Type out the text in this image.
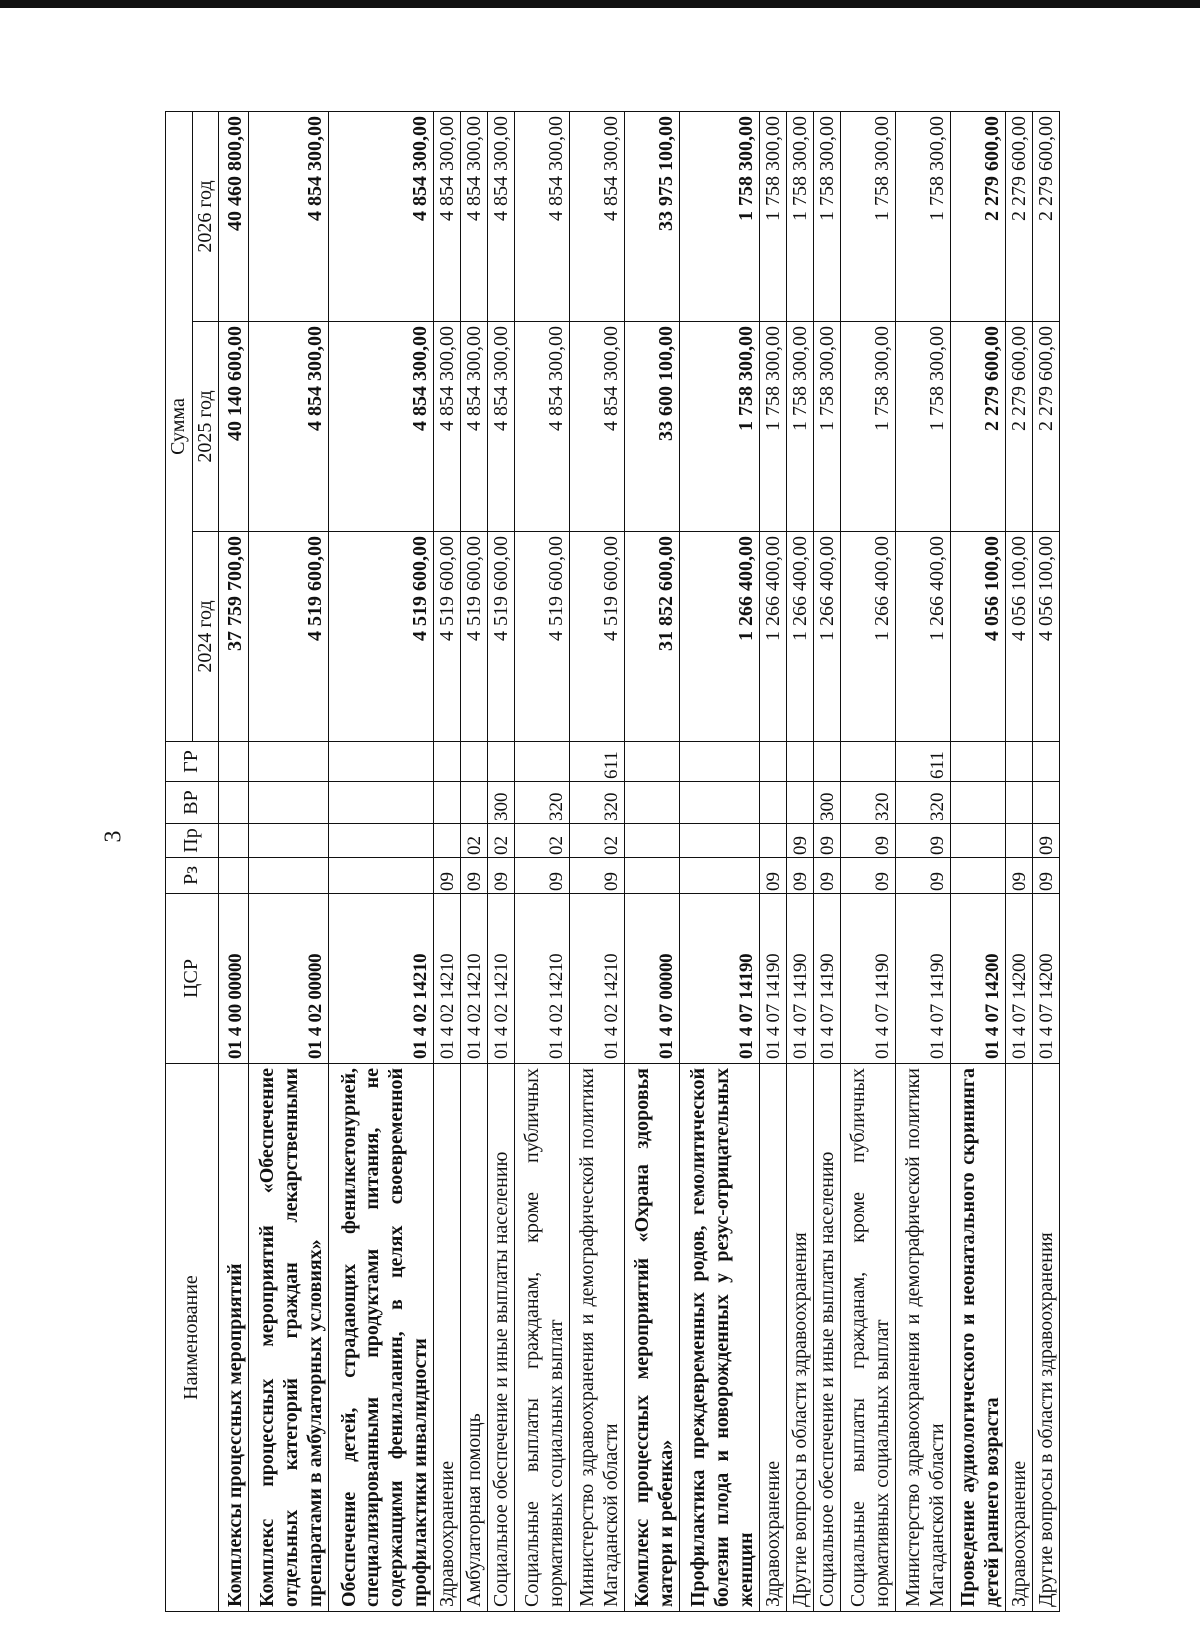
3
Наименование	ЦСР	Рз	Пр	ВР	ГР	Сумма		
						2024 год	2025 год	2026 год
Комплексы процессных мероприятий	01 4 00 00000					37 759 700,00	40 140 600,00	40 460 800,00
Комплекс процессных мероприятий «Обеспечение отдельных категорий граждан лекарственными препаратами в амбулаторных условиях»	01 4 02 00000					4 519 600,00	4 854 300,00	4 854 300,00
Обеспечение детей, страдающих фенилкетонурией, специализированными продуктами питания, не содержащими фенилаланин, в целях своевременной профилактики инвалидности	01 4 02 14210					4 519 600,00	4 854 300,00	4 854 300,00
Здравоохранение	01 4 02 14210	09				4 519 600,00	4 854 300,00	4 854 300,00
Амбулаторная помощь	01 4 02 14210	09	02			4 519 600,00	4 854 300,00	4 854 300,00
Социальное обеспечение и иные выплаты населению	01 4 02 14210	09	02	300		4 519 600,00	4 854 300,00	4 854 300,00
Социальные выплаты гражданам, кроме публичных нормативных социальных выплат	01 4 02 14210	09	02	320		4 519 600,00	4 854 300,00	4 854 300,00
Министерство здравоохранения и демографической политики Магаданской области	01 4 02 14210	09	02	320	611	4 519 600,00	4 854 300,00	4 854 300,00
Комплекс процессных мероприятий «Охрана здоровья матери и ребенка»	01 4 07 00000					31 852 600,00	33 600 100,00	33 975 100,00
Профилактика преждевременных родов, гемолитической болезни плода и новорожденных у резус-отрицательных женщин	01 4 07 14190					1 266 400,00	1 758 300,00	1 758 300,00
Здравоохранение	01 4 07 14190	09				1 266 400,00	1 758 300,00	1 758 300,00
Другие вопросы в области здравоохранения	01 4 07 14190	09	09			1 266 400,00	1 758 300,00	1 758 300,00
Социальное обеспечение и иные выплаты населению	01 4 07 14190	09	09	300		1 266 400,00	1 758 300,00	1 758 300,00
Социальные выплаты гражданам, кроме публичных нормативных социальных выплат	01 4 07 14190	09	09	320		1 266 400,00	1 758 300,00	1 758 300,00
Министерство здравоохранения и демографической политики Магаданской области	01 4 07 14190	09	09	320	611	1 266 400,00	1 758 300,00	1 758 300,00
Проведение аудиологического и неонатального скрининга детей раннего возраста	01 4 07 14200					4 056 100,00	2 279 600,00	2 279 600,00
Здравоохранение	01 4 07 14200	09				4 056 100,00	2 279 600,00	2 279 600,00
Другие вопросы в области здравоохранения	01 4 07 14200	09	09			4 056 100,00	2 279 600,00	2 279 600,00
